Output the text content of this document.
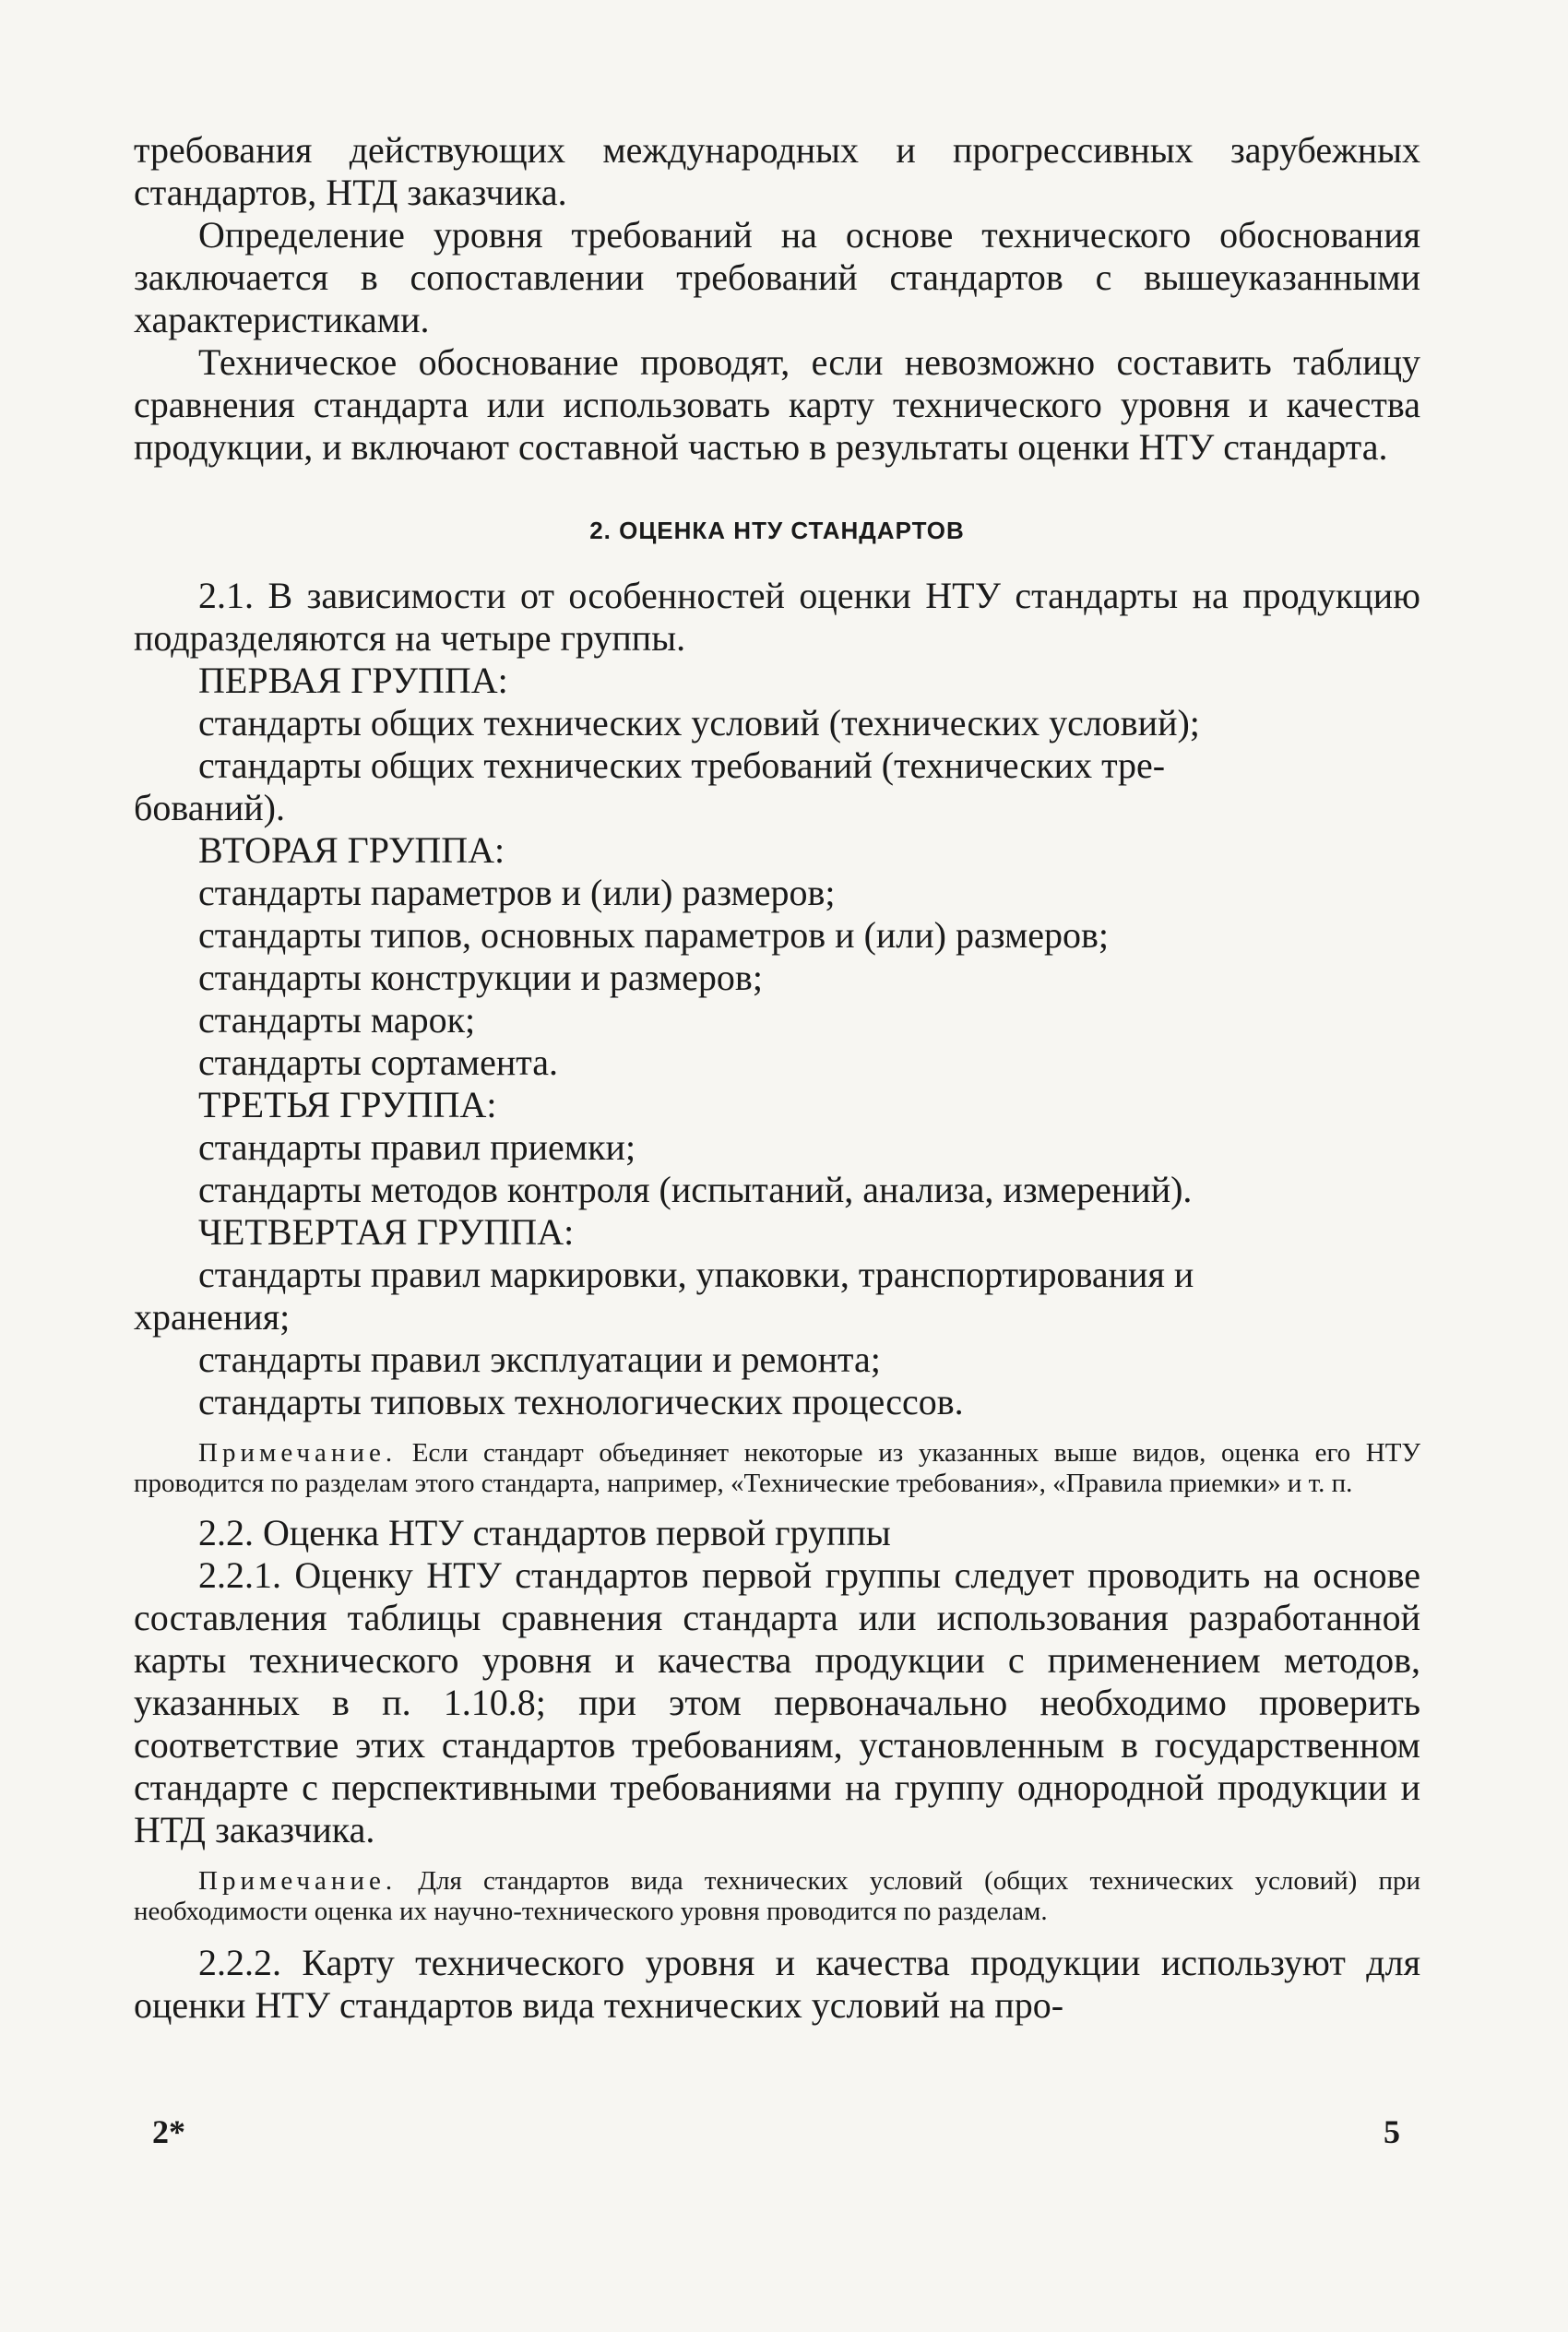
требования действующих международных и прогрессивных зарубежных стандартов, НТД заказчика.

Определение уровня требований на основе технического обоснования заключается в сопоставлении требований стандартов с вышеуказанными характеристиками.

Техническое обоснование проводят, если невозможно составить таблицу сравнения стандарта или использовать карту технического уровня и качества продукции, и включают составной частью в результаты оценки НТУ стандарта.

2. ОЦЕНКА НТУ СТАНДАРТОВ

2.1. В зависимости от особенностей оценки НТУ стандарты на продукцию подразделяются на четыре группы.

ПЕРВАЯ ГРУППА:
стандарты общих технических условий (технических условий);
стандарты общих технических требований (технических тре-
бований).
ВТОРАЯ ГРУППА:
стандарты параметров и (или) размеров;
стандарты типов, основных параметров и (или) размеров;
стандарты конструкции и размеров;
стандарты марок;
стандарты сортамента.
ТРЕТЬЯ ГРУППА:
стандарты правил приемки;
стандарты методов контроля (испытаний, анализа, измерений).
ЧЕТВЕРТАЯ ГРУППА:
стандарты правил маркировки, упаковки, транспортирования и
хранения;
стандарты правил эксплуатации и ремонта;
стандарты типовых технологических процессов.

Примечание. Если стандарт объединяет некоторые из указанных выше видов, оценка его НТУ проводится по разделам этого стандарта, например, «Технические требования», «Правила приемки» и т. п.

2.2. Оценка НТУ стандартов первой группы

2.2.1. Оценку НТУ стандартов первой группы следует проводить на основе составления таблицы сравнения стандарта или использования разработанной карты технического уровня и качества продукции с применением методов, указанных в п. 1.10.8; при этом первоначально необходимо проверить соответствие этих стандартов требованиям, установленным в государственном стандарте с перспективными требованиями на группу однородной продукции и НТД заказчика.

Примечание. Для стандартов вида технических условий (общих технических условий) при необходимости оценка их научно-технического уровня проводится по разделам.

2.2.2. Карту технического уровня и качества продукции используют для оценки НТУ стандартов вида технических условий на про-

2*	5
